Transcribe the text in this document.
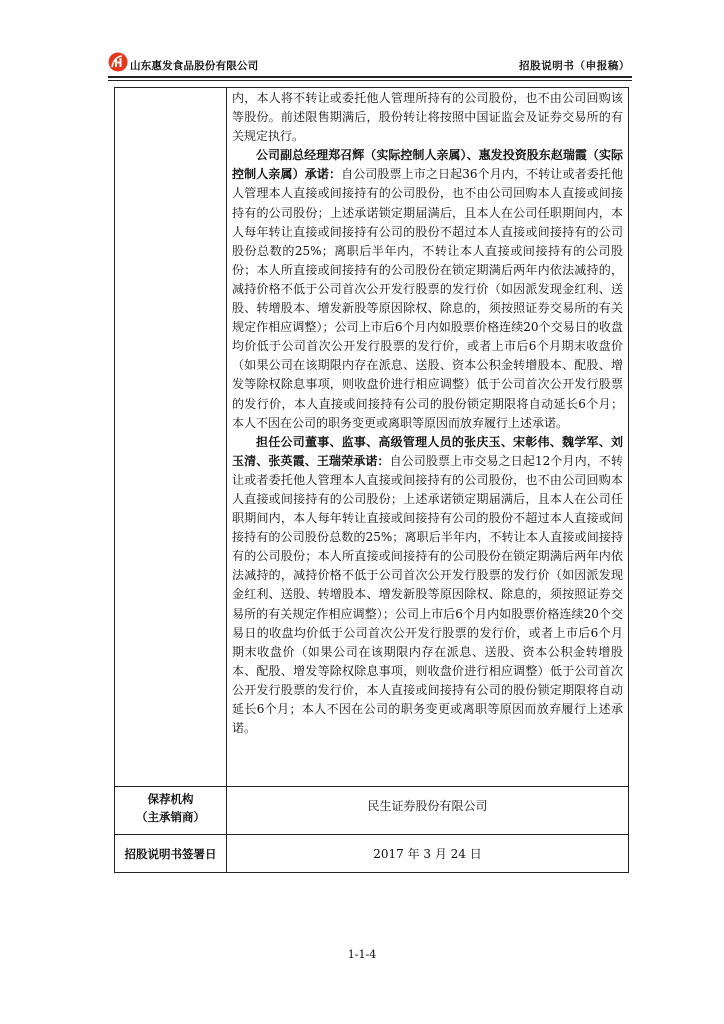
山东惠发食品股份有限公司	招股说明书（申报稿）

内，本人将不转让或委托他人管理所持有的公司股份，也不由公司回购该等股份。前述限售期满后，股份转让将按照中国证监会及证券交易所的有关规定执行。

公司副总经理郑召辉（实际控制人亲属）、惠发投资股东赵瑞霞（实际控制人亲属）承诺：自公司股票上市之日起36个月内，不转让或者委托他人管理本人直接或间接持有的公司股份，也不由公司回购本人直接或间接持有的公司股份；上述承诺锁定期届满后，且本人在公司任职期间内，本人每年转让直接或间接持有公司的股份不超过本人直接或间接持有的公司股份总数的25%；离职后半年内，不转让本人直接或间接持有的公司股份；本人所直接或间接持有的公司股份在锁定期满后两年内依法减持的，减持价格不低于公司首次公开发行股票的发行价（如因派发现金红利、送股、转增股本、增发新股等原因除权、除息的，须按照证券交易所的有关规定作相应调整）；公司上市后6个月内如股票价格连续20个交易日的收盘均价低于公司首次公开发行股票的发行价，或者上市后6个月期末收盘价（如果公司在该期限内存在派息、送股、资本公积金转增股本、配股、增发等除权除息事项，则收盘价进行相应调整）低于公司首次公开发行股票的发行价，本人直接或间接持有公司的股份锁定期限将自动延长6个月；本人不因在公司的职务变更或离职等原因而放弃履行上述承诺。

担任公司董事、监事、高级管理人员的张庆玉、宋彰伟、魏学军、刘玉清、张英霞、王瑞荣承诺：自公司股票上市交易之日起12个月内，不转让或者委托他人管理本人直接或间接持有的公司股份，也不由公司回购本人直接或间接持有的公司股份；上述承诺锁定期届满后，且本人在公司任职期间内，本人每年转让直接或间接持有公司的股份不超过本人直接或间接持有的公司股份总数的25%；离职后半年内，不转让本人直接或间接持有的公司股份；本人所直接或间接持有的公司股份在锁定期满后两年内依法减持的，减持价格不低于公司首次公开发行股票的发行价（如因派发现金红利、送股、转增股本、增发新股等原因除权、除息的，须按照证券交易所的有关规定作相应调整）；公司上市后6个月内如股票价格连续20个交易日的收盘均价低于公司首次公开发行股票的发行价，或者上市后6个月期末收盘价（如果公司在该期限内存在派息、送股、资本公积金转增股本、配股、增发等除权除息事项，则收盘价进行相应调整）低于公司首次公开发行股票的发行价，本人直接或间接持有公司的股份锁定期限将自动延长6个月；本人不因在公司的职务变更或离职等原因而放弃履行上述承诺。

保荐机构
（主承销商）
民生证券股份有限公司
招股说明书签署日	2017 年 3 月 24 日
1-1-4
